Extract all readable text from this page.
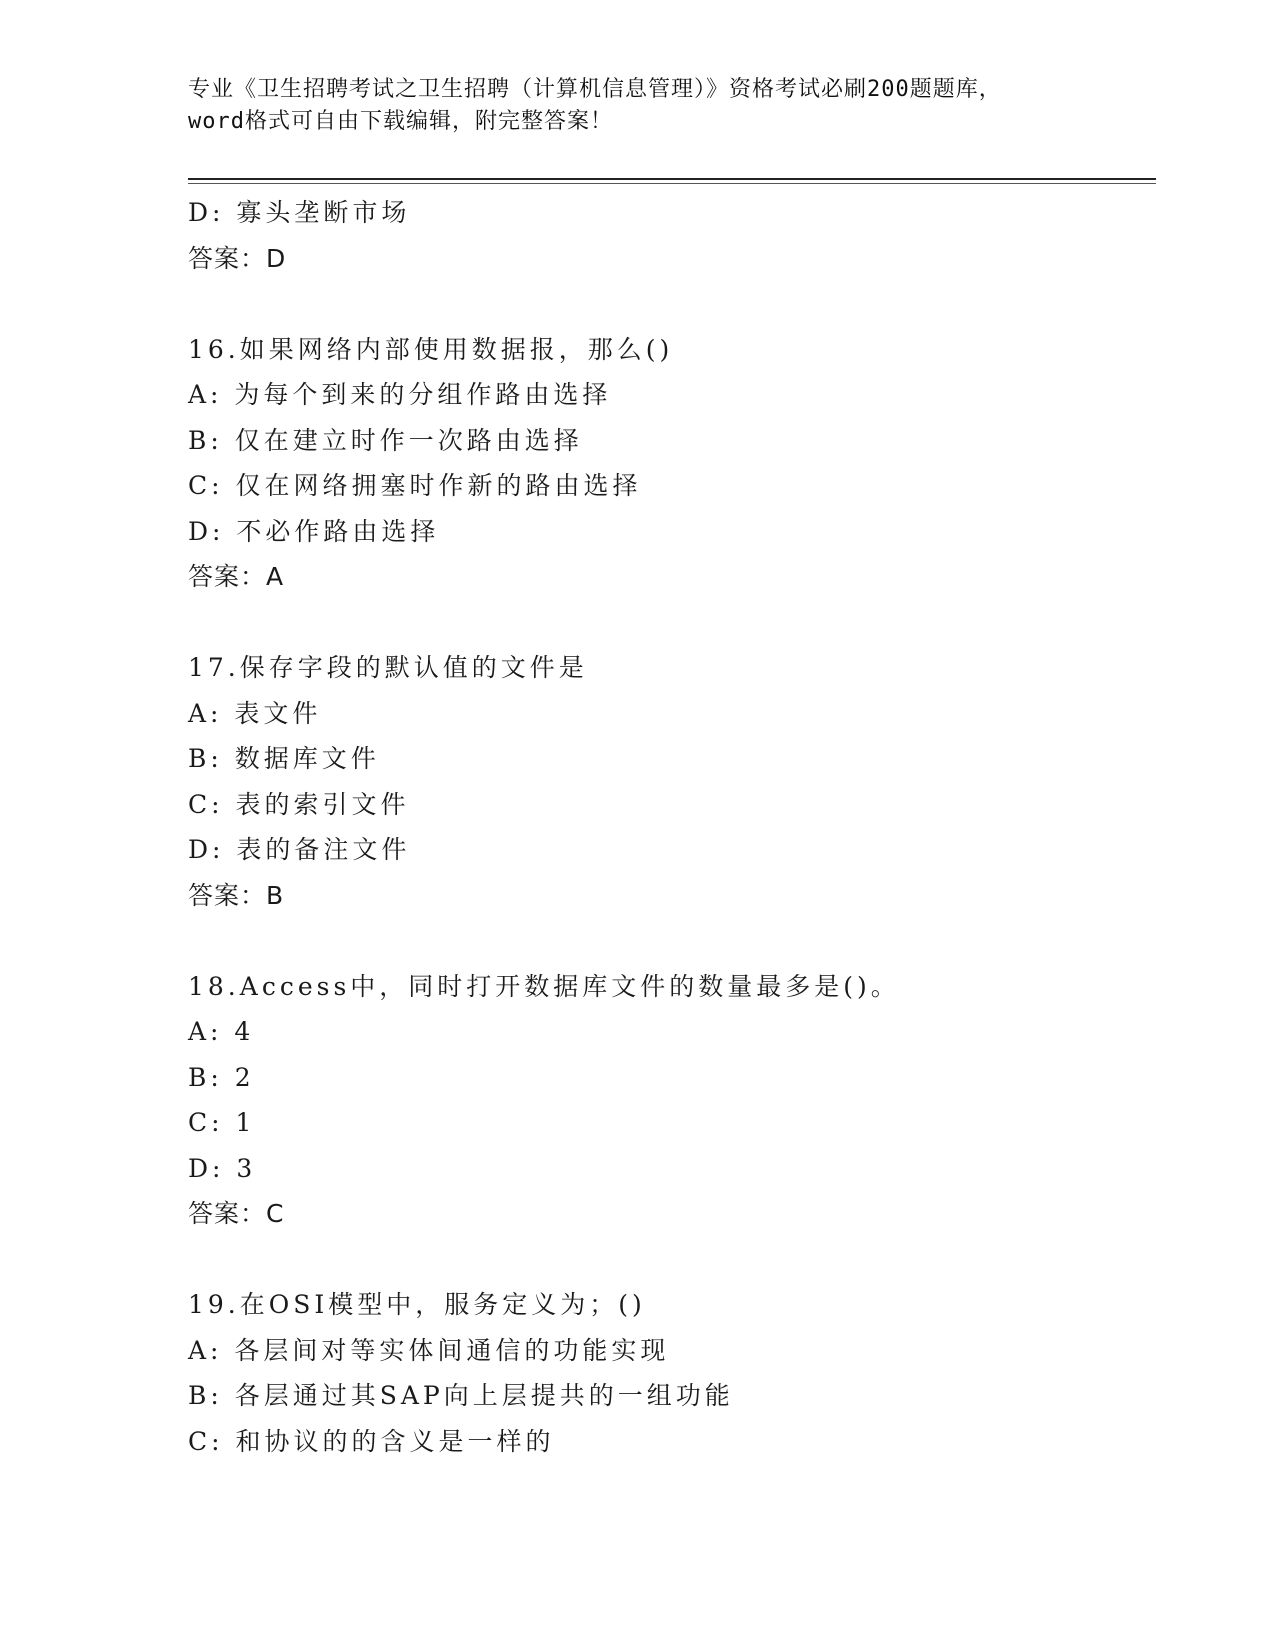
专业《卫生招聘考试之卫生招聘（计算机信息管理）》资格考试必刷200题题库，
word格式可自由下载编辑，附完整答案！
D: 寡头垄断市场
答案：D
16.如果网络内部使用数据报，那么()
A: 为每个到来的分组作路由选择
B: 仅在建立时作一次路由选择
C: 仅在网络拥塞时作新的路由选择
D: 不必作路由选择
答案：A
17.保存字段的默认值的文件是
A: 表文件
B: 数据库文件
C: 表的索引文件
D: 表的备注文件
答案：B
18.Access中，同时打开数据库文件的数量最多是()。
A: 4
B: 2
C: 1
D: 3
答案：C
19.在OSI模型中，服务定义为；()
A: 各层间对等实体间通信的功能实现
B: 各层通过其SAP向上层提共的一组功能
C: 和协议的的含义是一样的
